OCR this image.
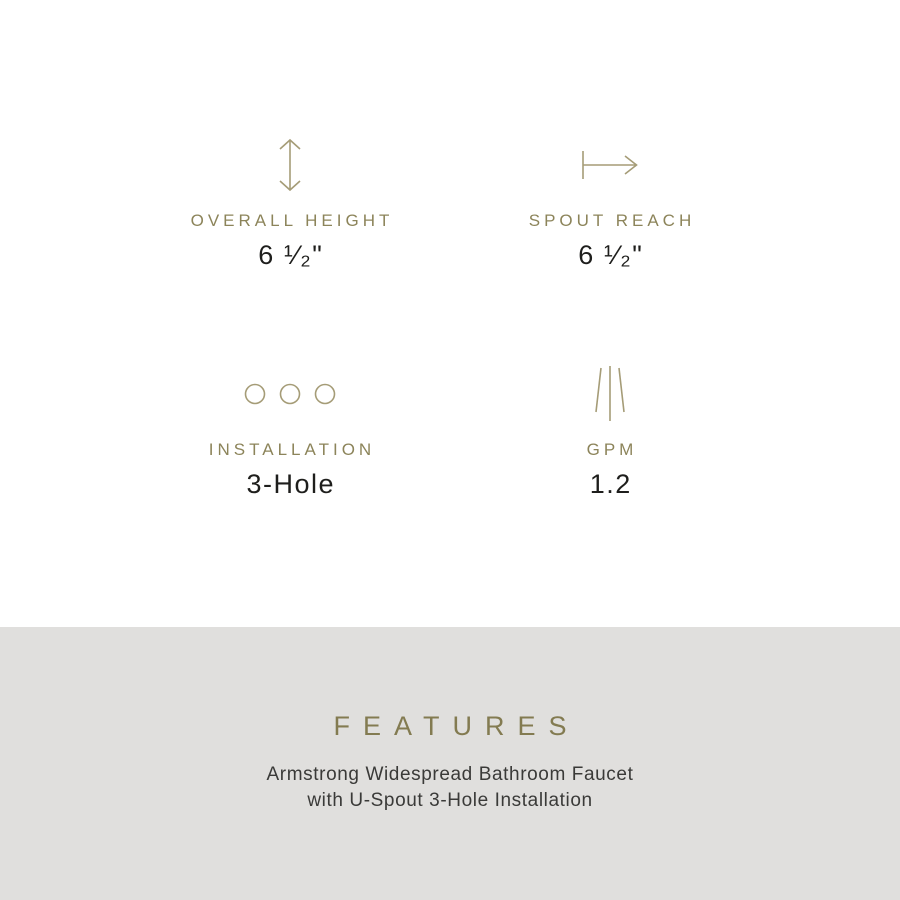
OVERALL HEIGHT
6 ¹⁄₂"
SPOUT REACH
6 ¹⁄₂"
INSTALLATION
3-Hole
GPM
1.2
FEATURES
Armstrong Widespread Bathroom Faucet
with U-Spout 3-Hole Installation
